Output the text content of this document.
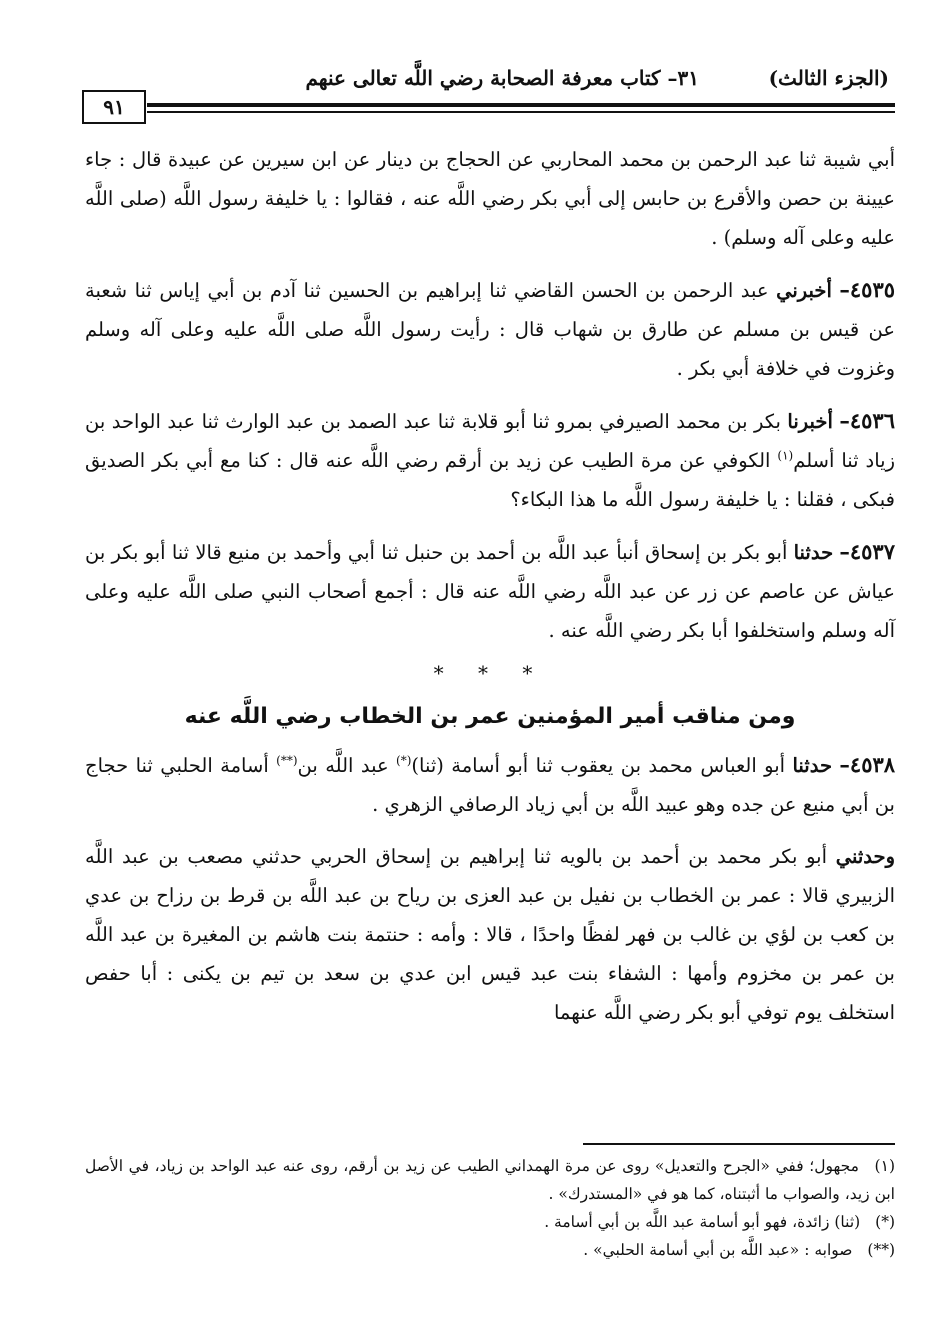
(الجزء الثالث)
٣١– كتاب معرفة الصحابة رضي اللَّه تعالى عنهم
٩١

أبي شيبة ثنا عبد الرحمن بن محمد المحاربي عن الحجاج بن دينار عن ابن سيرين عن عبيدة قال : جاء عيينة بن حصن والأقرع بن حابس إلى أبي بكر رضي اللَّه عنه ، فقالوا : يا خليفة رسول اللَّه (صلى اللَّه عليه وعلى آله وسلم) .

٤٥٣٥– أخبرني عبد الرحمن بن الحسن القاضي ثنا إبراهيم بن الحسين ثنا آدم بن أبي إياس ثنا شعبة عن قيس بن مسلم عن طارق بن شهاب قال : رأيت رسول اللَّه صلى اللَّه عليه وعلى آله وسلم وغزوت في خلافة أبي بكر .

٤٥٣٦– أخبرنا بكر بن محمد الصيرفي بمرو ثنا أبو قلابة ثنا عبد الصمد بن عبد الوارث ثنا عبد الواحد بن زياد ثنا أسلم$^{(١)}$ الكوفي عن مرة الطيب عن زيد بن أرقم رضي اللَّه عنه قال : كنا مع أبي بكر الصديق فبكى ، فقلنا : يا خليفة رسول اللَّه ما هذا البكاء؟

٤٥٣٧– حدثنا أبو بكر بن إسحاق أنبأ عبد اللَّه بن أحمد بن حنبل ثنا أبي وأحمد بن منيع قالا ثنا أبو بكر بن عياش عن عاصم عن زر عن عبد اللَّه رضي اللَّه عنه قال : أجمع أصحاب النبي صلى اللَّه عليه وعلى آله وسلم واستخلفوا أبا بكر رضي اللَّه عنه .

* * *
ومن مناقب أمير المؤمنين عمر بن الخطاب رضي اللَّه عنه

٤٥٣٨– حدثنا أبو العباس محمد بن يعقوب ثنا أبو أسامة (ثنا)(*) عبد اللَّه بن(**) أسامة الحلبي ثنا حجاج بن أبي منيع عن جده وهو عبيد اللَّه بن أبي زياد الرصافي الزهري .

وحدثني أبو بكر محمد بن أحمد بن بالويه ثنا إبراهيم بن إسحاق الحربي حدثني مصعب بن عبد اللَّه الزبيري قالا : عمر بن الخطاب بن نفيل بن عبد العزى بن رياح بن عبد اللَّه بن قرط بن رزاح بن عدي بن كعب بن لؤي بن غالب بن فهر لفظًا واحدًا ، قالا : وأمه : حنتمة بنت هاشم بن المغيرة بن عبد اللَّه بن عمر بن مخزوم وأمها : الشفاء بنت عبد قيس ابن عدي بن سعد بن تيم بن يكنى : أبا حفص استخلف يوم توفي أبو بكر رضي اللَّه عنهما

(١) مجهول؛ ففي «الجرح والتعديل» روى عن مرة الهمداني الطيب عن زيد بن أرقم، روى عنه عبد الواحد بن زياد، في الأصل ابن زيد، والصواب ما أثبتناه، كما هو في «المستدرك» .

(*) (ثنا) زائدة، فهو أبو أسامة عبد اللَّه بن أبي أسامة .

(**) صوابه : «عبد اللَّه بن أبي أسامة الحلبي» .
